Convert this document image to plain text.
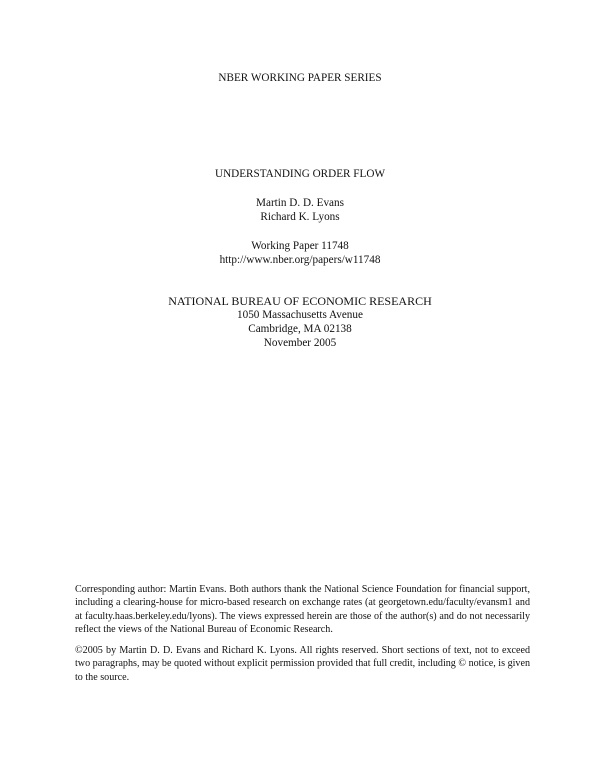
NBER WORKING PAPER SERIES
UNDERSTANDING ORDER FLOW
Martin D. D. Evans
Richard K. Lyons
Working Paper 11748
http://www.nber.org/papers/w11748
NATIONAL BUREAU OF ECONOMIC RESEARCH
1050 Massachusetts Avenue
Cambridge, MA 02138
November 2005

Corresponding author: Martin Evans. Both authors thank the National Science Foundation for financial support, including a clearing-house for micro-based research on exchange rates (at georgetown.edu/faculty/evansm1 and at faculty.haas.berkeley.edu/lyons). The views expressed herein are those of the author(s) and do not necessarily reflect the views of the National Bureau of Economic Research.

©2005 by Martin D. D. Evans and Richard K. Lyons. All rights reserved. Short sections of text, not to exceed two paragraphs, may be quoted without explicit permission provided that full credit, including © notice, is given to the source.
